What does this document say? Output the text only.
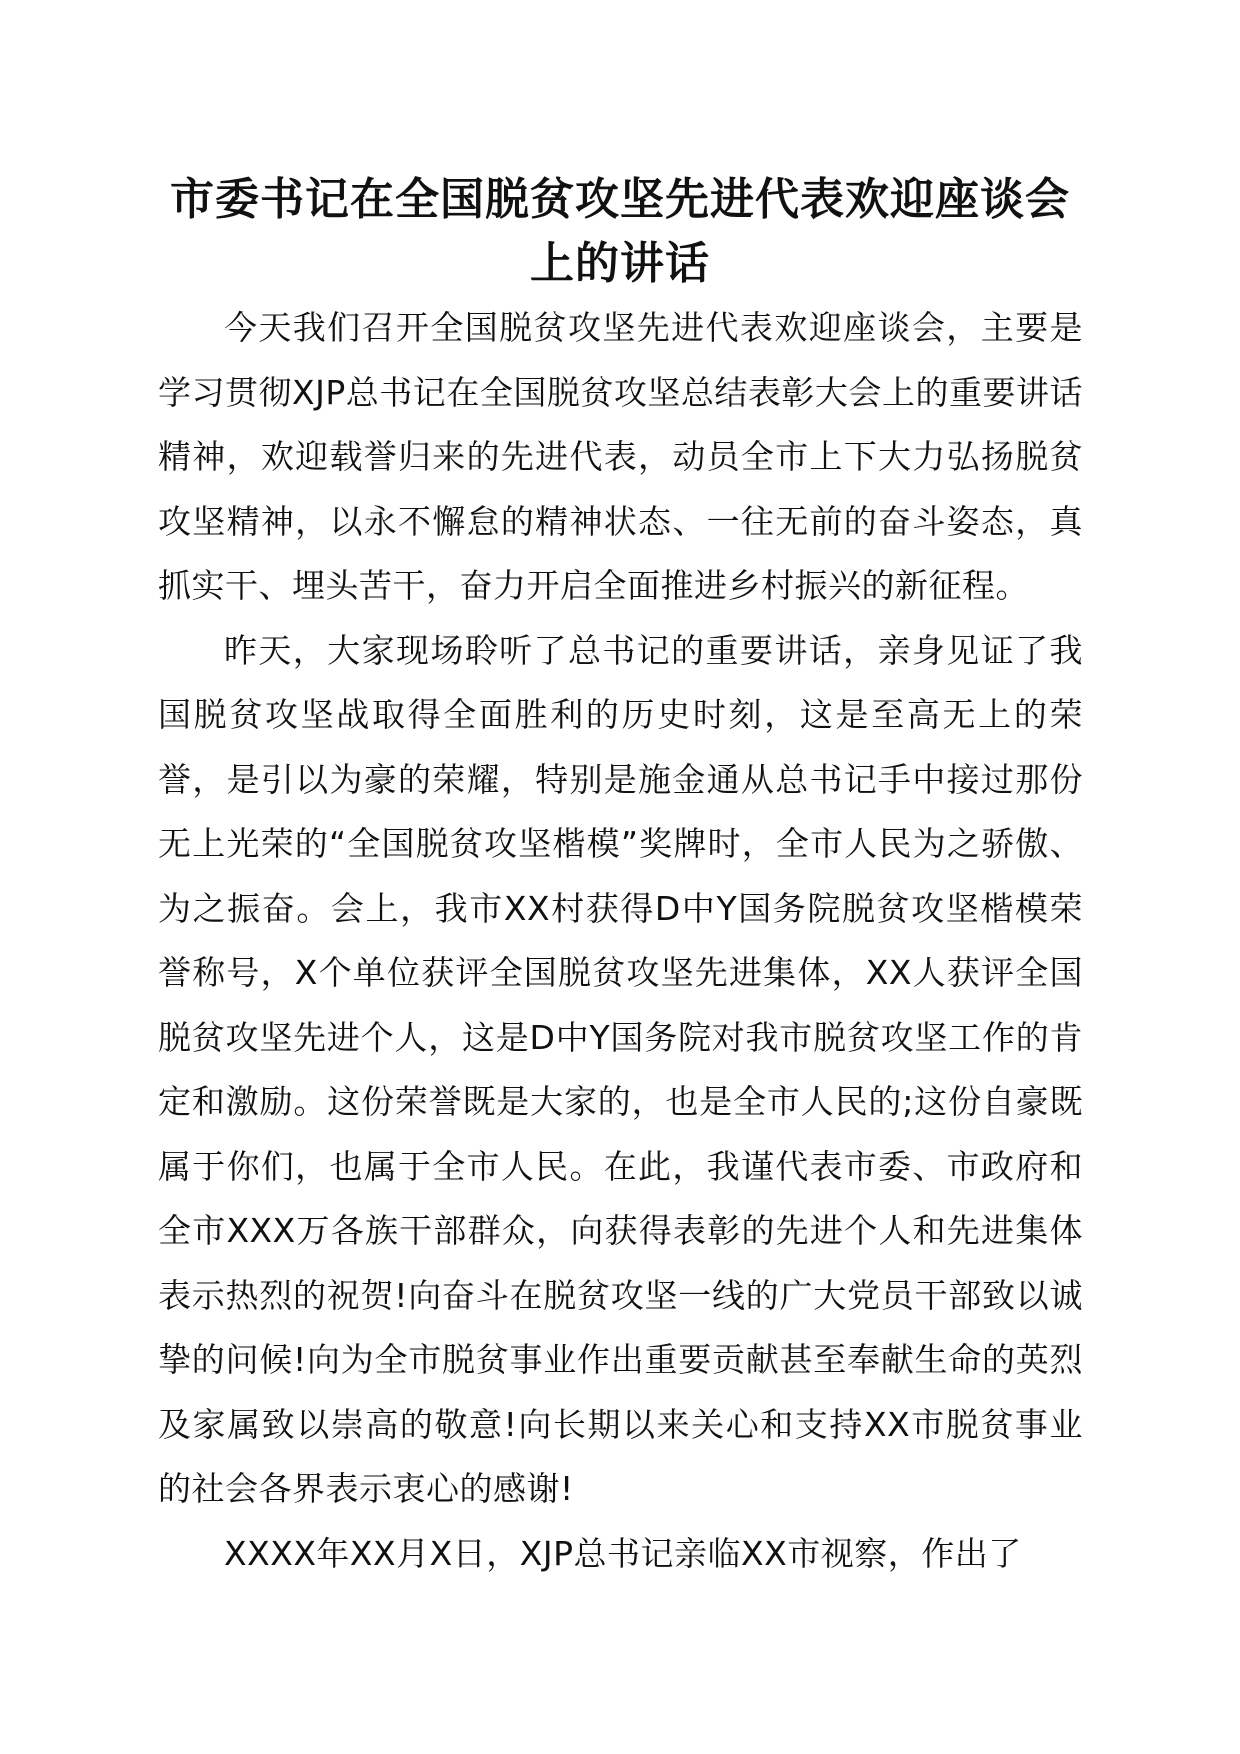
市委书记在全国脱贫攻坚先进代表欢迎座谈会上的讲话

今天我们召开全国脱贫攻坚先进代表欢迎座谈会，主要是学习贯彻XJP总书记在全国脱贫攻坚总结表彰大会上的重要讲话精神，欢迎载誉归来的先进代表，动员全市上下大力弘扬脱贫攻坚精神，以永不懈怠的精神状态、一往无前的奋斗姿态，真抓实干、埋头苦干，奋力开启全面推进乡村振兴的新征程。

昨天，大家现场聆听了总书记的重要讲话，亲身见证了我国脱贫攻坚战取得全面胜利的历史时刻，这是至高无上的荣誉，是引以为豪的荣耀，特别是施金通从总书记手中接过那份无上光荣的“全国脱贫攻坚楷模”奖牌时，全市人民为之骄傲、为之振奋。会上，我市XX村获得D中Y国务院脱贫攻坚楷模荣誉称号，X个单位获评全国脱贫攻坚先进集体，XX人获评全国脱贫攻坚先进个人，这是D中Y国务院对我市脱贫攻坚工作的肯定和激励。这份荣誉既是大家的，也是全市人民的;这份自豪既属于你们，也属于全市人民。在此，我谨代表市委、市政府和全市XXX万各族干部群众，向获得表彰的先进个人和先进集体表示热烈的祝贺!向奋斗在脱贫攻坚一线的广大党员干部致以诚挚的问候!向为全市脱贫事业作出重要贡献甚至奉献生命的英烈及家属致以崇高的敬意!向长期以来关心和支持XX市脱贫事业的社会各界表示衷心的感谢!

XXXX年XX月X日，XJP总书记亲临XX市视察，作出了
